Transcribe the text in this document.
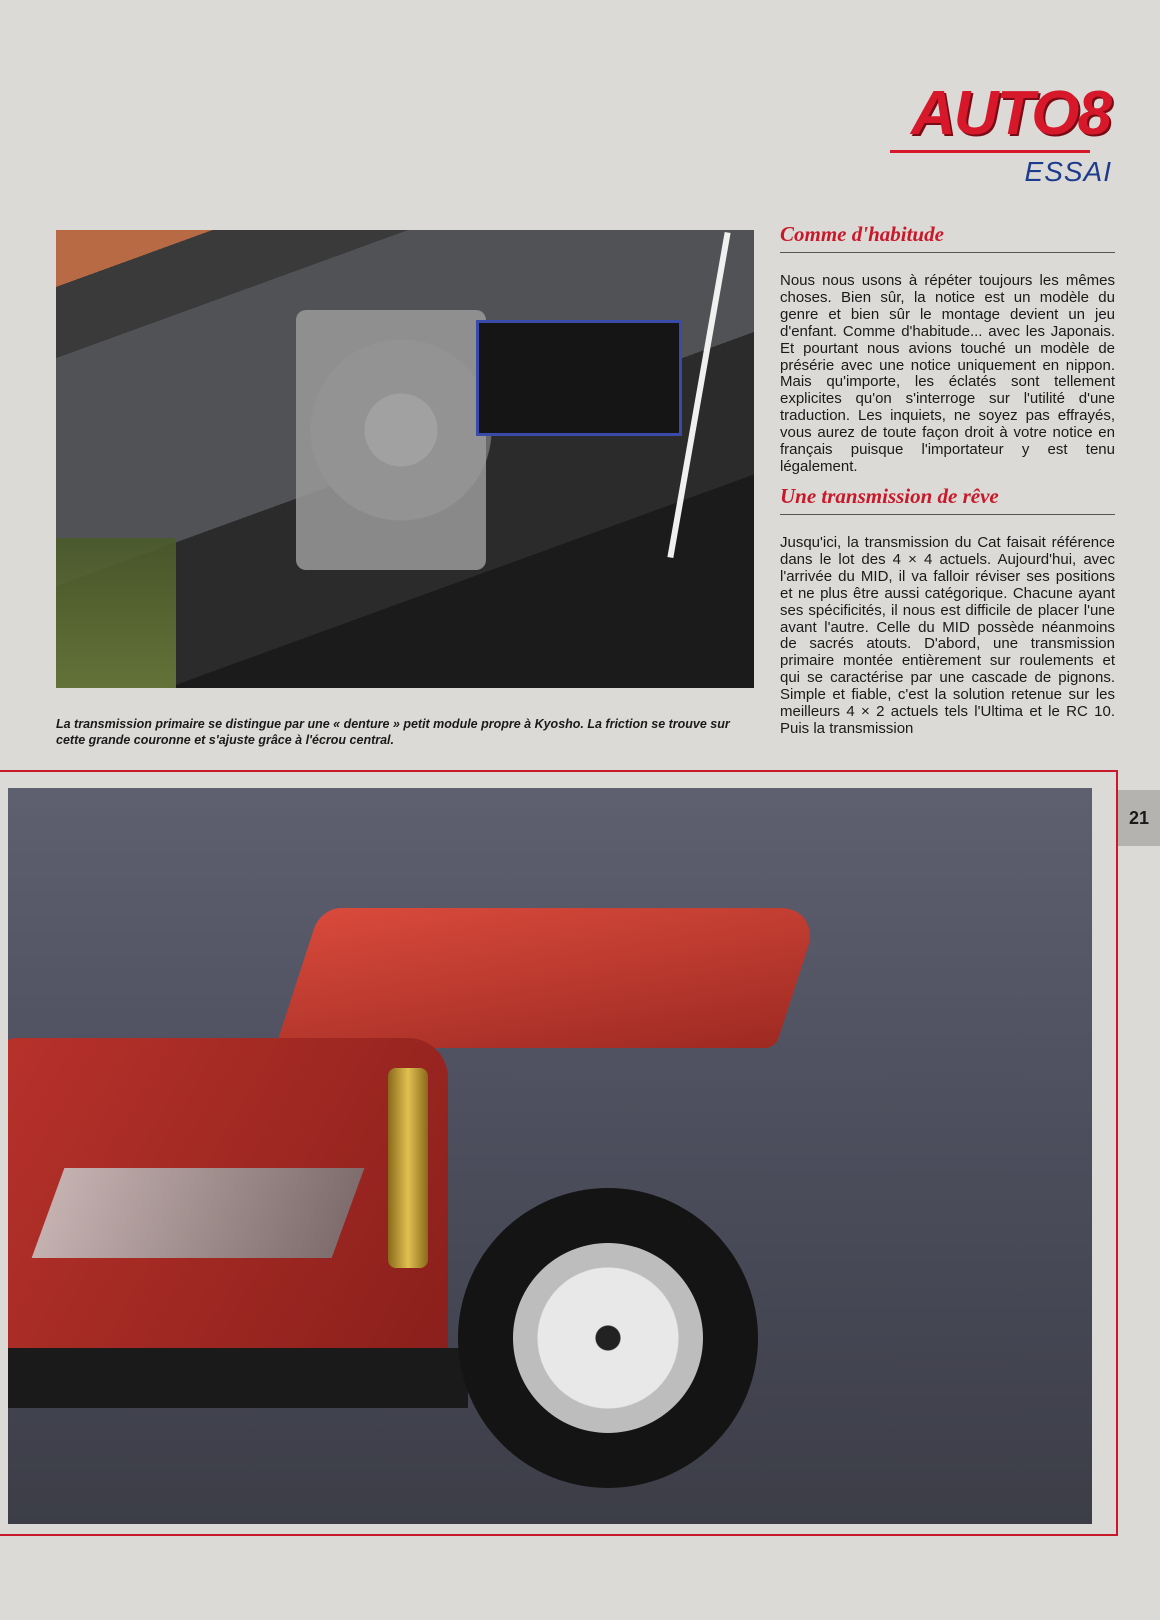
AUTO8
ESSAI
La transmission primaire se distingue par une « denture » petit module propre à Kyosho. La friction se trouve sur cette grande couronne et s'ajuste grâce à l'écrou central.
Comme d'habitude

Nous nous usons à répéter toujours les mêmes choses. Bien sûr, la notice est un modèle du genre et bien sûr le montage devient un jeu d'enfant. Comme d'habitude... avec les Japonais. Et pourtant nous avions touché un modèle de présérie avec une notice uniquement en nippon. Mais qu'importe, les éclatés sont tellement explicites qu'on s'interroge sur l'utilité d'une traduction. Les inquiets, ne soyez pas effrayés, vous aurez de toute façon droit à votre notice en français puisque l'importateur y est tenu légalement.

Une transmission de rêve

Jusqu'ici, la transmission du Cat faisait référence dans le lot des 4 × 4 actuels. Aujourd'hui, avec l'arrivée du MID, il va falloir réviser ses positions et ne plus être aussi catégorique. Chacune ayant ses spécificités, il nous est difficile de placer l'une avant l'autre. Celle du MID possède néanmoins de sacrés atouts. D'abord, une transmission primaire montée entièrement sur roulements et qui se caractérise par une cascade de pignons. Simple et fiable, c'est la solution retenue sur les meilleurs 4 × 2 actuels tels l'Ultima et le RC 10. Puis la transmission

21
